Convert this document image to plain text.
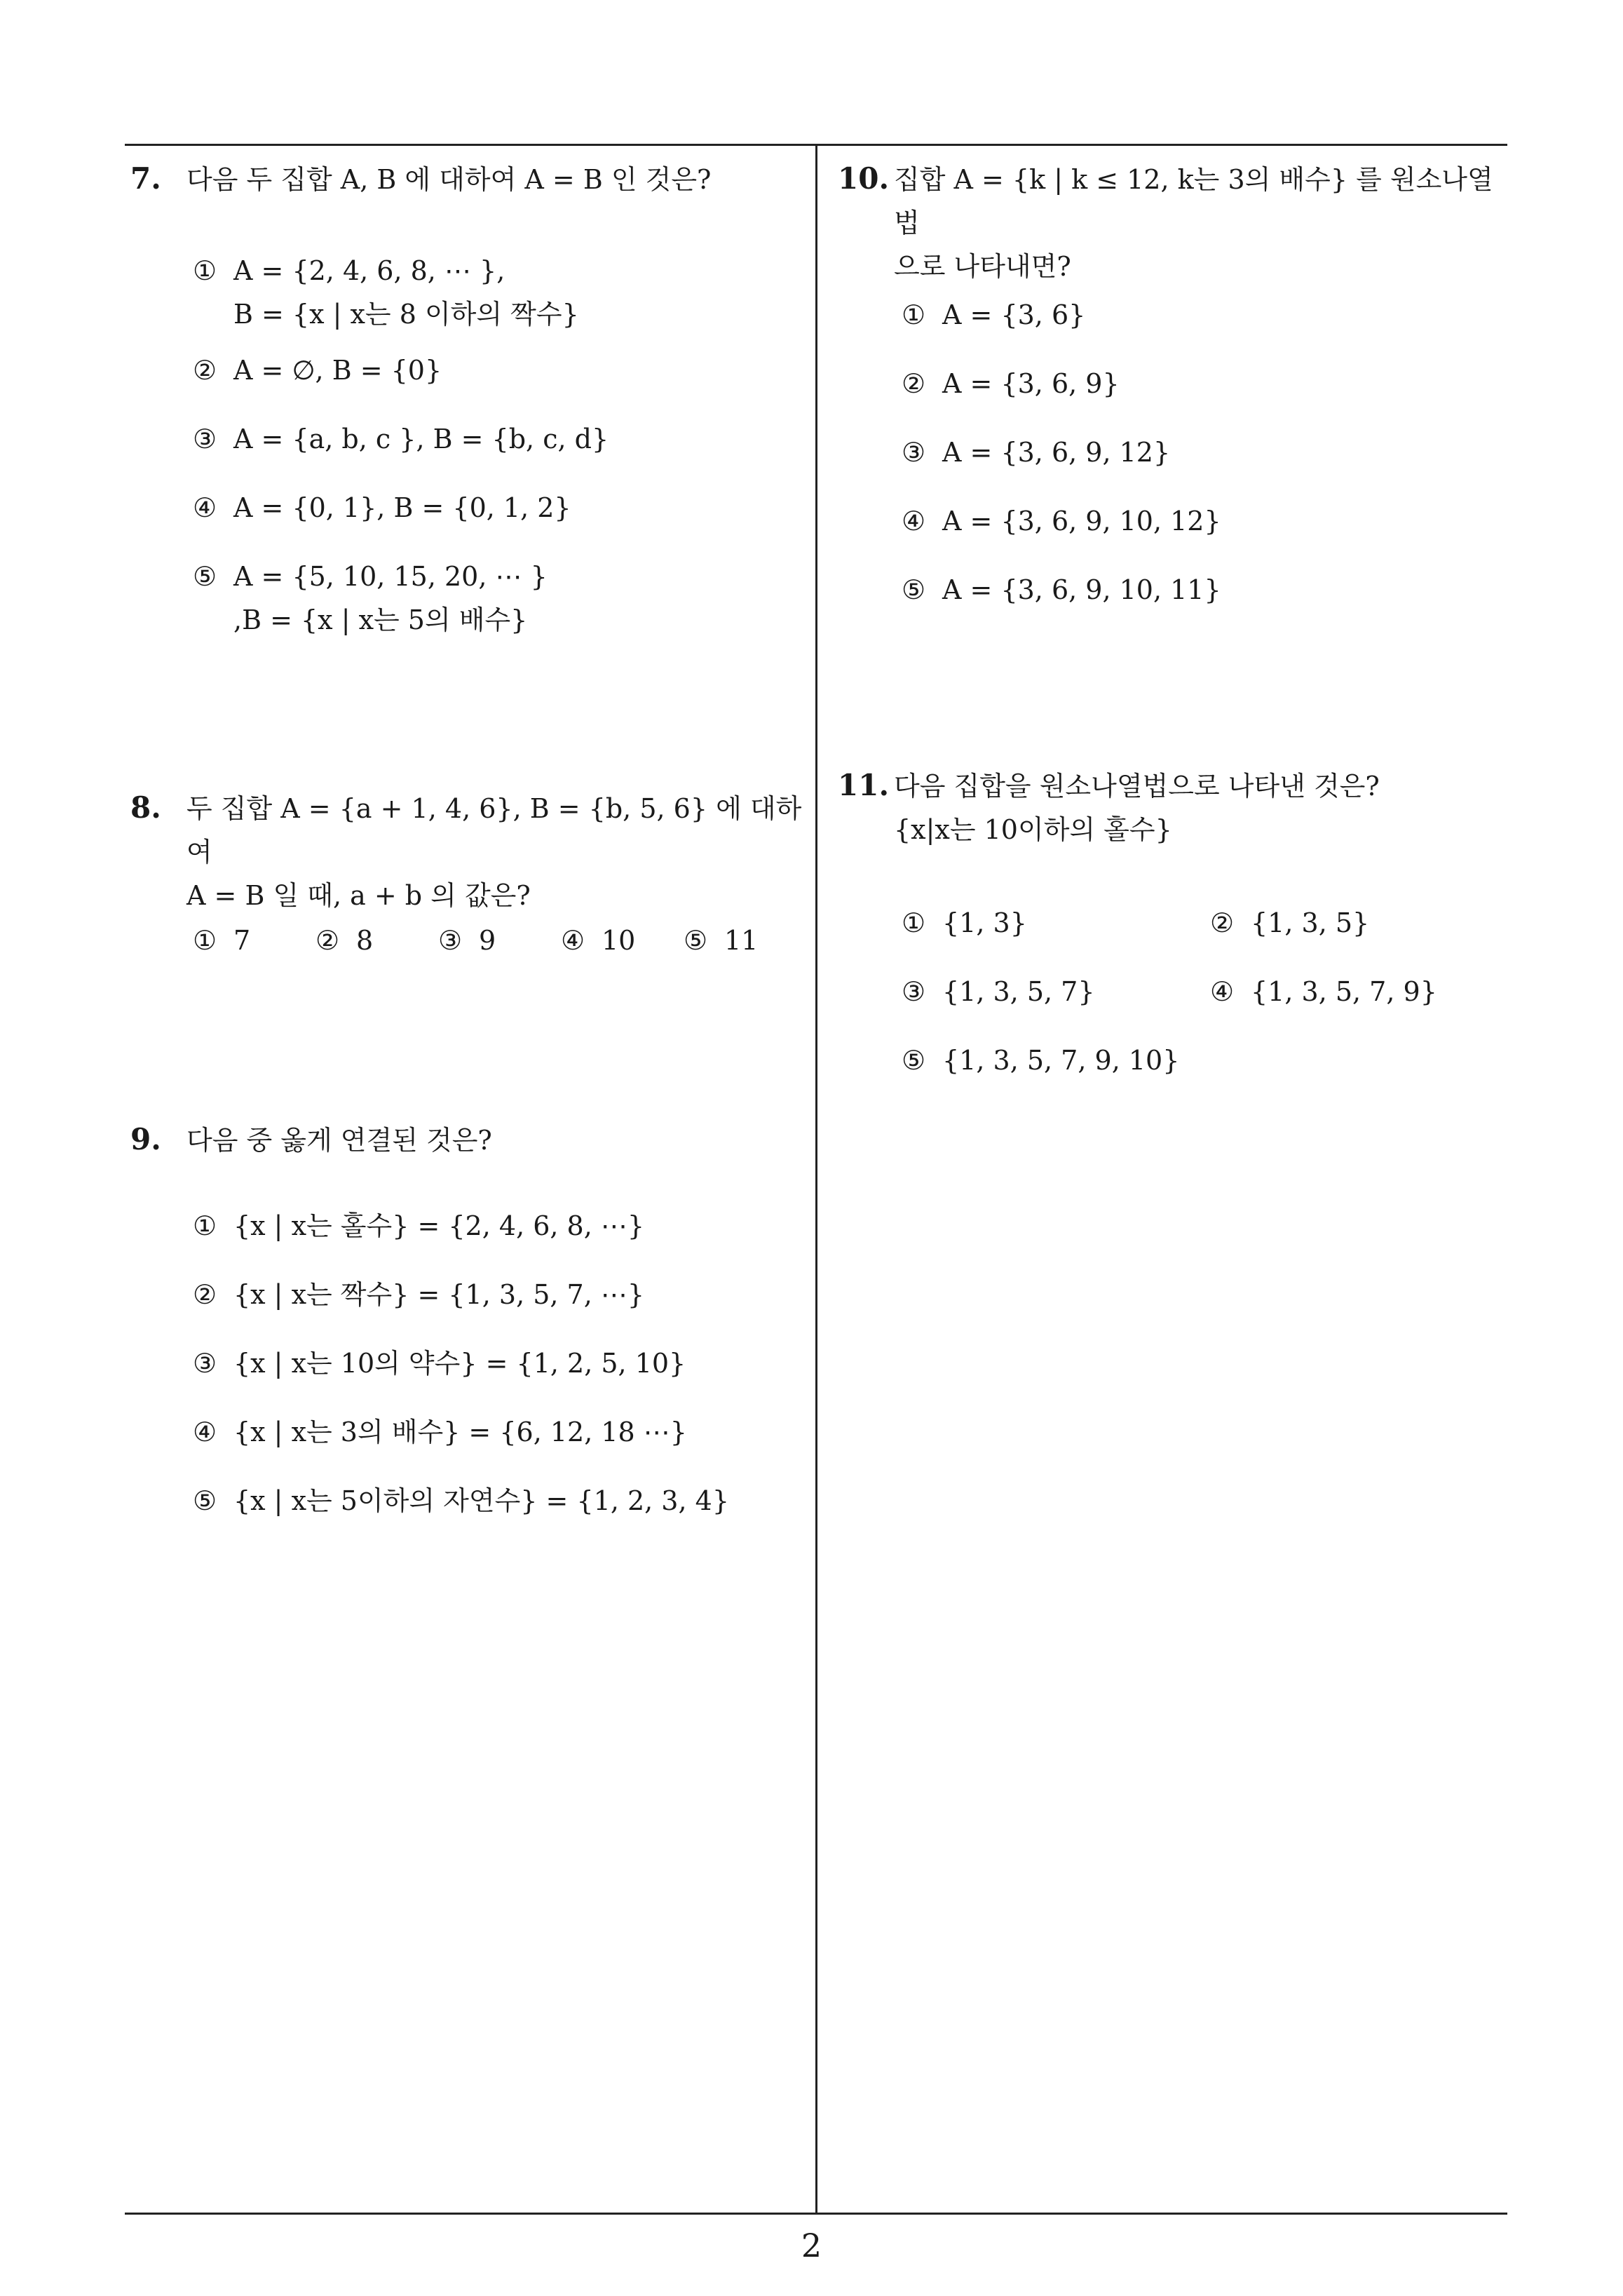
7. 다음 두 집합 A, B 에 대하여 A = B 인 것은?
① A = {2, 4, 6, 8, ⋯ },
B = {x | x는 8 이하의 짝수}
② A = ∅, B = {0}
③ A = {a, b, c }, B = {b, c, d}
④ A = {0, 1}, B = {0, 1, 2}
⑤ A = {5, 10, 15, 20, ⋯ }
,B = {x | x는 5의 배수}
8. 두 집합 A = {a + 1, 4, 6}, B = {b, 5, 6} 에 대하여
A = B 일 때, a + b 의 값은?
① 7 ② 8 ③ 9 ④ 10 ⑤ 11
9. 다음 중 옳게 연결된 것은?
① {x | x는 홀수} = {2, 4, 6, 8, ⋯}
② {x | x는 짝수} = {1, 3, 5, 7, ⋯}
③ {x | x는 10의 약수} = {1, 2, 5, 10}
④ {x | x는 3의 배수} = {6, 12, 18 ⋯}
⑤ {x | x는 5이하의 자연수} = {1, 2, 3, 4}
10. 집합 A = {k | k ≤ 12, k는 3의 배수} 를 원소나열법
으로 나타내면?
① A = {3, 6}
② A = {3, 6, 9}
③ A = {3, 6, 9, 12}
④ A = {3, 6, 9, 10, 12}
⑤ A = {3, 6, 9, 10, 11}
11. 다음 집합을 원소나열법으로 나타낸 것은?
{x|x는 10이하의 홀수}
① {1, 3}	② {1, 3, 5}
③ {1, 3, 5, 7}	④ {1, 3, 5, 7, 9}
⑤ {1, 3, 5, 7, 9, 10}
2
